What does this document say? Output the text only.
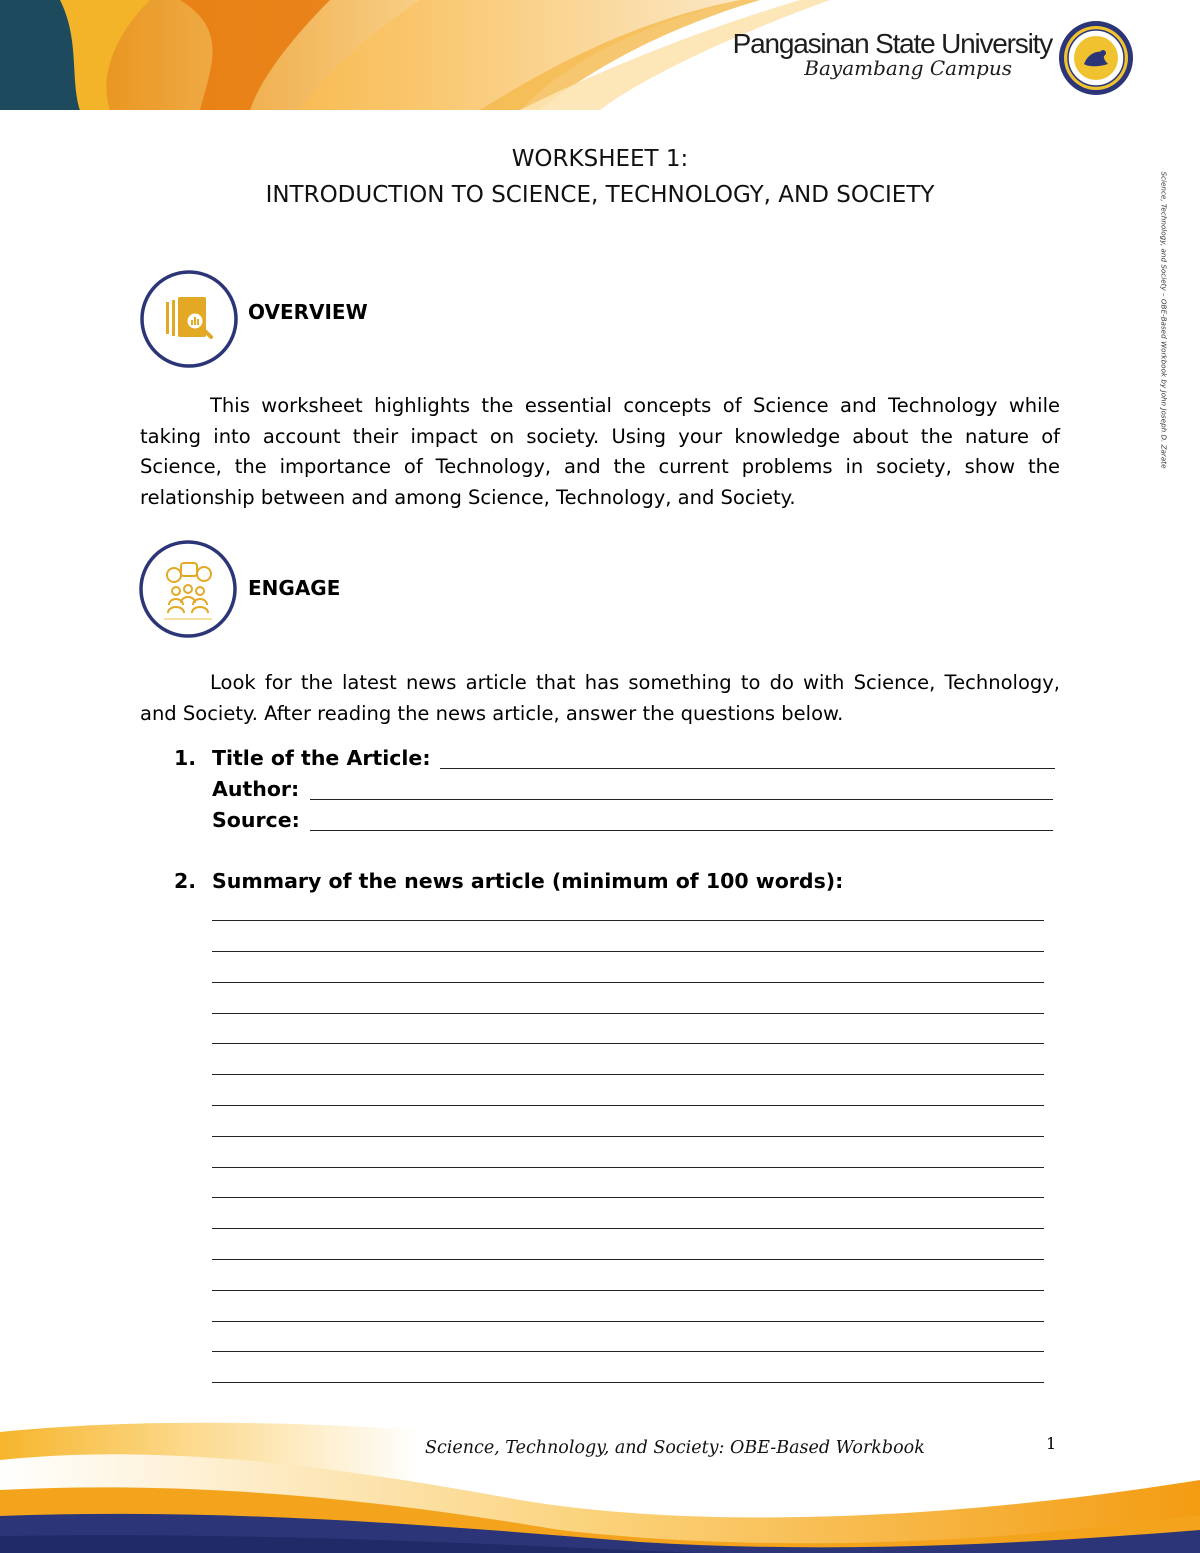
Pangasinan State University
Bayambang Campus
Science, Technology, and Society – OBE-Based Workbook by John Joseph D. Zarate
WORKSHEET 1:
INTRODUCTION TO SCIENCE, TECHNOLOGY, AND SOCIETY
OVERVIEW

This worksheet highlights the essential concepts of Science and Technology while taking into account their impact on society. Using your knowledge about the nature of Science, the importance of Technology, and the current problems in society, show the relationship between and among Science, Technology, and Society.

ENGAGE

Look for the latest news article that has something to do with Science, Technology, and Society. After reading the news article, answer the questions below.

1. Title of the Article:
Author:
Source:
2. Summary of the news article (minimum of 100 words):
Science, Technology, and Society: OBE-Based Workbook	1
